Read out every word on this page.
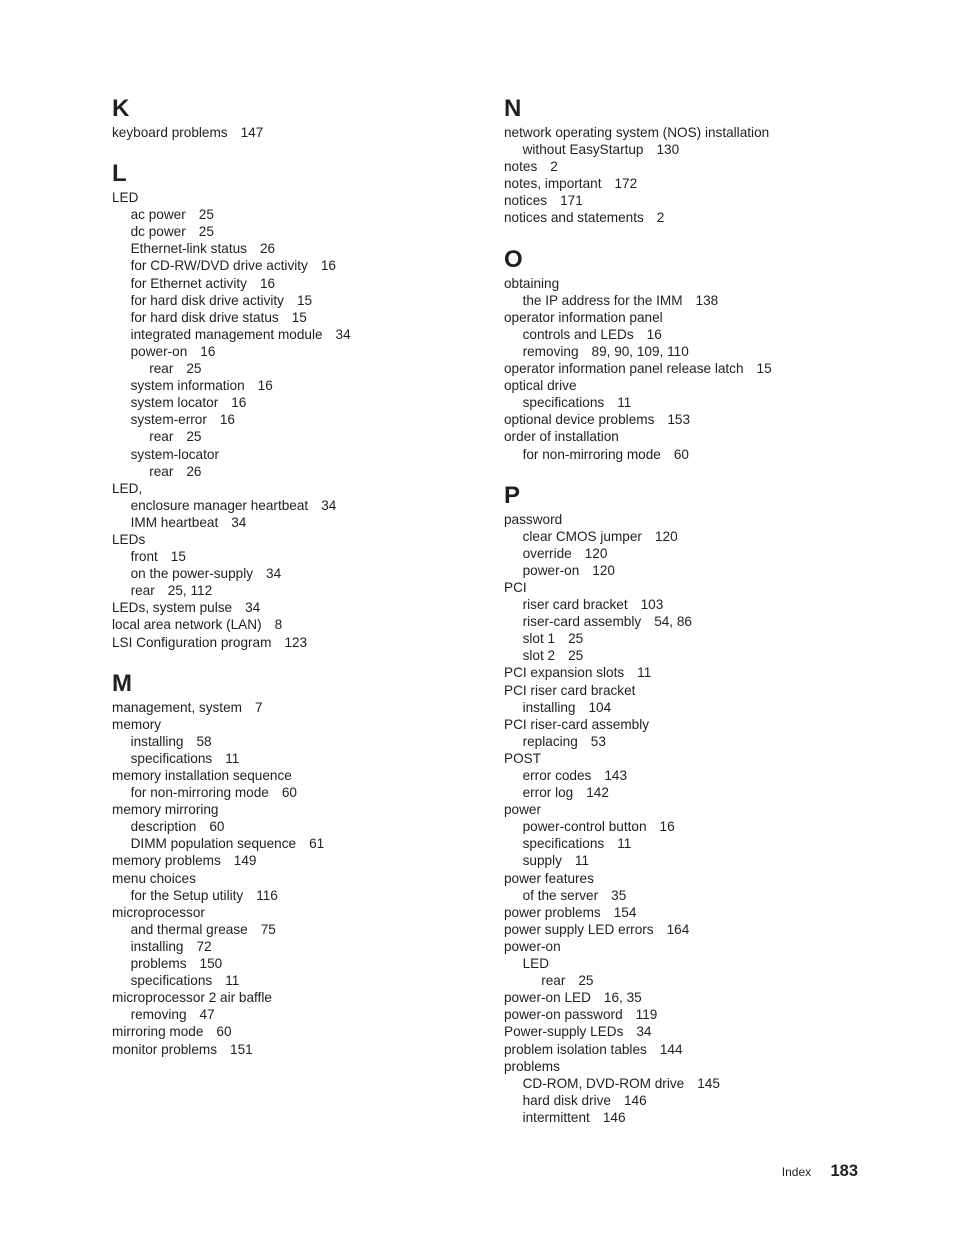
K
keyboard problems 147
L
LED
ac power 25
dc power 25
Ethernet-link status 26
for CD-RW/DVD drive activity 16
for Ethernet activity 16
for hard disk drive activity 15
for hard disk drive status 15
integrated management module 34
power-on 16
rear 25
system information 16
system locator 16
system-error 16
rear 25
system-locator
rear 26
LED,
enclosure manager heartbeat 34
IMM heartbeat 34
LEDs
front 15
on the power-supply 34
rear 25, 112
LEDs, system pulse 34
local area network (LAN) 8
LSI Configuration program 123
M
management, system 7
memory
installing 58
specifications 11
memory installation sequence
for non-mirroring mode 60
memory mirroring
description 60
DIMM population sequence 61
memory problems 149
menu choices
for the Setup utility 116
microprocessor
and thermal grease 75
installing 72
problems 150
specifications 11
microprocessor 2 air baffle
removing 47
mirroring mode 60
monitor problems 151
N
network operating system (NOS) installation
without EasyStartup 130
notes 2
notes, important 172
notices 171
notices and statements 2
O
obtaining
the IP address for the IMM 138
operator information panel
controls and LEDs 16
removing 89, 90, 109, 110
operator information panel release latch 15
optical drive
specifications 11
optional device problems 153
order of installation
for non-mirroring mode 60
P
password
clear CMOS jumper 120
override 120
power-on 120
PCI
riser card bracket 103
riser-card assembly 54, 86
slot 1 25
slot 2 25
PCI expansion slots 11
PCI riser card bracket
installing 104
PCI riser-card assembly
replacing 53
POST
error codes 143
error log 142
power
power-control button 16
specifications 11
supply 11
power features
of the server 35
power problems 154
power supply LED errors 164
power-on
LED
rear 25
power-on LED 16, 35
power-on password 119
Power-supply LEDs 34
problem isolation tables 144
problems
CD-ROM, DVD-ROM drive 145
hard disk drive 146
intermittent 146
Index 183
